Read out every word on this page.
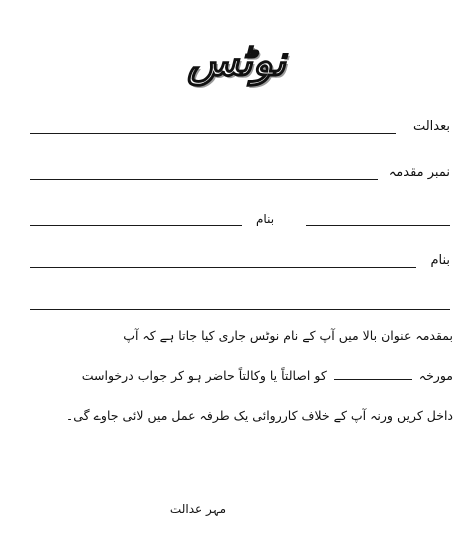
نوٹس
بعدالت
نمبر مقدمہ
بنام
بنام
بمقدمہ عنوان بالا میں آپ کے نام نوٹس جاری کیا جاتا ہے کہ آپ
مورخہ  کو اصالتاً یا وکالتاً حاضر ہو کر جواب درخواست
داخل کریں ورنہ آپ کے خلاف کارروائی یک طرفہ عمل میں لائی جاوے گی۔
مہر عدالت
